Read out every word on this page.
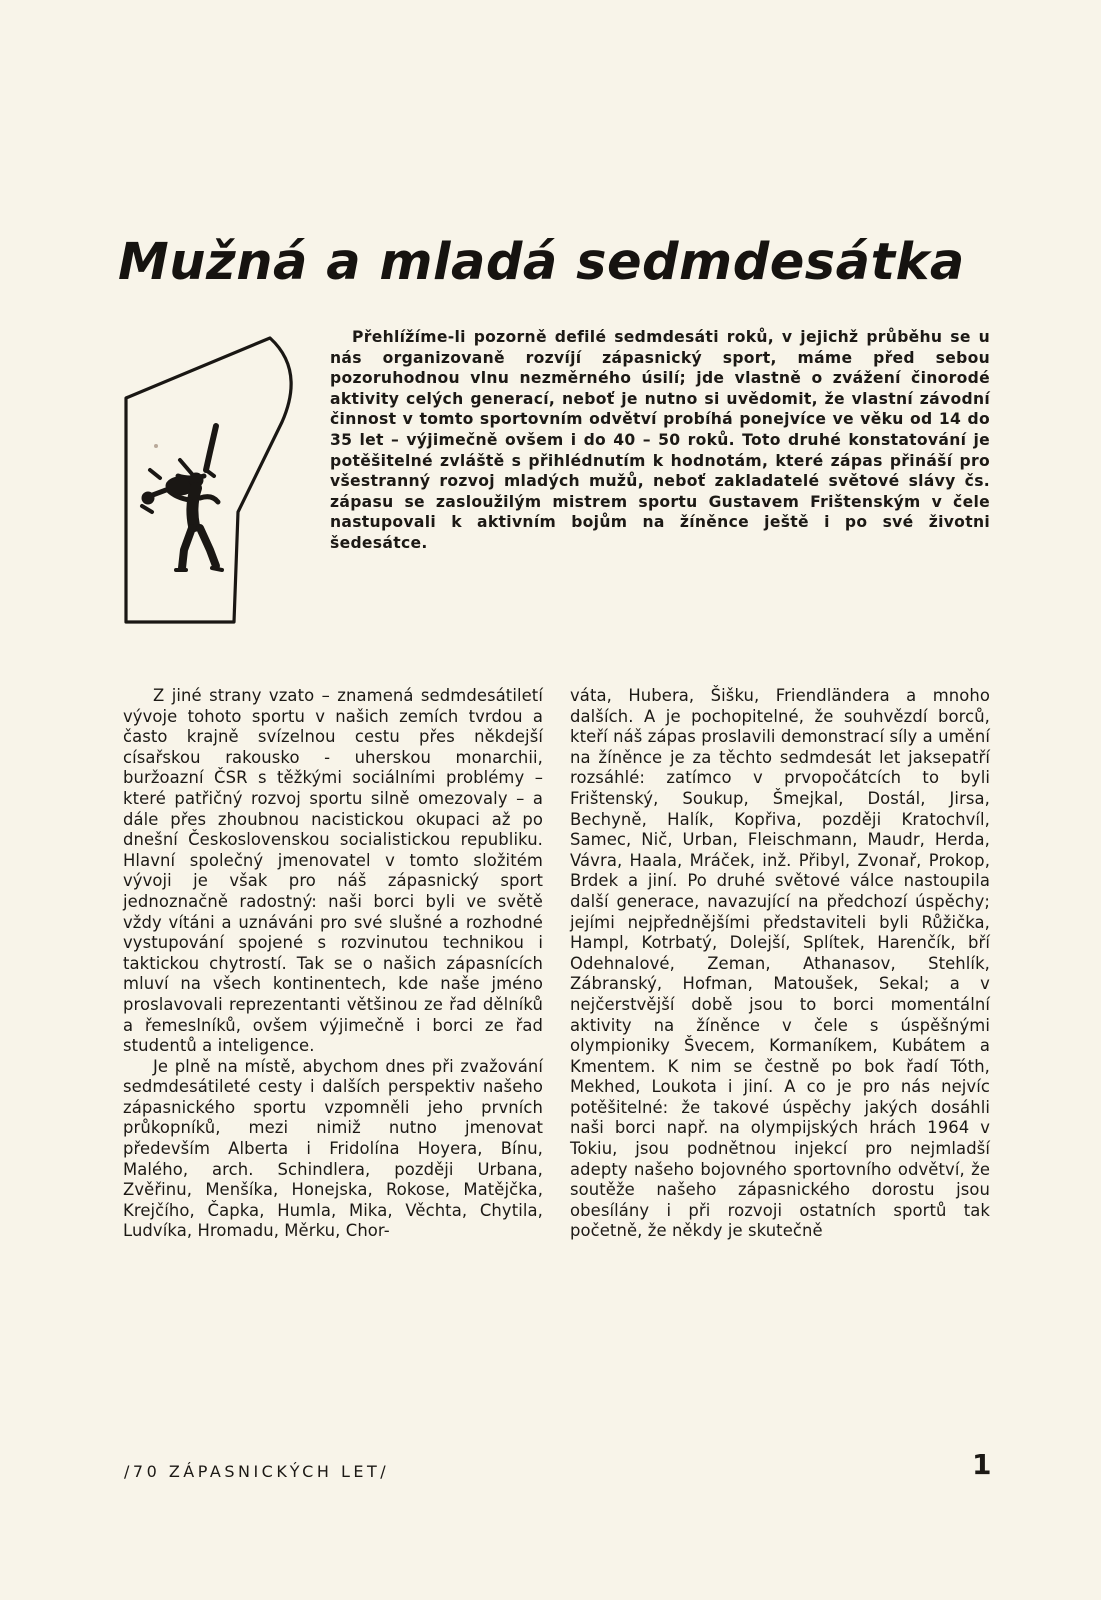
Mužná a mladá sedmdesátka

Přehlížíme-li pozorně defilé sedmdesáti roků, v jejichž průběhu se u nás organizovaně rozvíjí zápasnický sport, máme před sebou pozoruhodnou vlnu nezměrného úsilí; jde vlastně o zvážení činorodé aktivity celých generací, neboť je nutno si uvědomit, že vlastní závodní činnost v tomto sportovním odvětví probíhá ponejvíce ve věku od 14 do 35 let – výjimečně ovšem i do 40 – 50 roků. Toto druhé konstatování je potěšitelné zvláště s přihlédnutím k hodnotám, které zápas přináší pro všestranný rozvoj mladých mužů, neboť zakladatelé světové slávy čs. zápasu se zasloužilým mistrem sportu Gustavem Frištenským v čele nastupovali k aktivním bojům na žíněnce ještě i po své životni šedesátce.

Z jiné strany vzato – znamená sedmdesátiletí vývoje tohoto sportu v našich zemích tvrdou a často krajně svízelnou cestu přes někdejší císařskou rakousko - uherskou monarchii, buržoazní ČSR s těžkými sociálními problémy – které patřičný rozvoj sportu silně omezovaly – a dále přes zhoubnou nacistickou okupaci až po dnešní Československou socialistickou republiku. Hlavní společný jmenovatel v tomto složitém vývoji je však pro náš zápasnický sport jednoznačně radostný: naši borci byli ve světě vždy vítáni a uznáváni pro své slušné a rozhodné vystupování spojené s rozvinutou technikou i taktickou chytrostí. Tak se o našich zápasnících mluví na všech kontinentech, kde naše jméno proslavovali reprezentanti většinou ze řad dělníků a řemeslníků, ovšem výjimečně i borci ze řad studentů a inteligence.

Je plně na místě, abychom dnes při zvažování sedmdesátileté cesty i dalších perspektiv našeho zápasnického sportu vzpomněli jeho prvních průkopníků, mezi nimiž nutno jmenovat především Alberta i Fridolína Hoyera, Bínu, Malého, arch. Schindlera, později Urbana, Zvěřinu, Menšíka, Honejska, Rokose, Matějčka, Krejčího, Čapka, Humla, Mika, Věchta, Chytila, Ludvíka, Hromadu, Měrku, Chor-

váta, Hubera, Šišku, Friendländera a mnoho dalších. A je pochopitelné, že souhvězdí borců, kteří náš zápas proslavili demonstrací síly a umění na žíněnce je za těchto sedmdesát let jaksepatří rozsáhlé: zatímco v prvopočátcích to byli Frištenský, Soukup, Šmejkal, Dostál, Jirsa, Bechyně, Halík, Kopřiva, později Kratochvíl, Samec, Nič, Urban, Fleischmann, Maudr, Herda, Vávra, Haala, Mráček, inž. Přibyl, Zvonař, Prokop, Brdek a jiní. Po druhé světové válce nastoupila další generace, navazující na předchozí úspěchy; jejími nejpřednějšími představiteli byli Růžička, Hampl, Kotrbatý, Dolejší, Splítek, Harenčík, bří Odehnalové, Zeman, Athanasov, Stehlík, Zábranský, Hofman, Matoušek, Sekal; a v nejčerstvější době jsou to borci momentální aktivity na žíněnce v čele s úspěšnými olympioniky Švecem, Kormaníkem, Kubátem a Kmentem. K nim se čestně po bok řadí Tóth, Mekhed, Loukota i jiní. A co je pro nás nejvíc potěšitelné: že takové úspěchy jakých dosáhli naši borci např. na olympijských hrách 1964 v Tokiu, jsou podnětnou injekcí pro nejmladší adepty našeho bojovného sportovního odvětví, že soutěže našeho zápasnického dorostu jsou obesílány i při rozvoji ostatních sportů tak početně, že někdy je skutečně

/70 ZÁPASNICKÝCH LET/	1
